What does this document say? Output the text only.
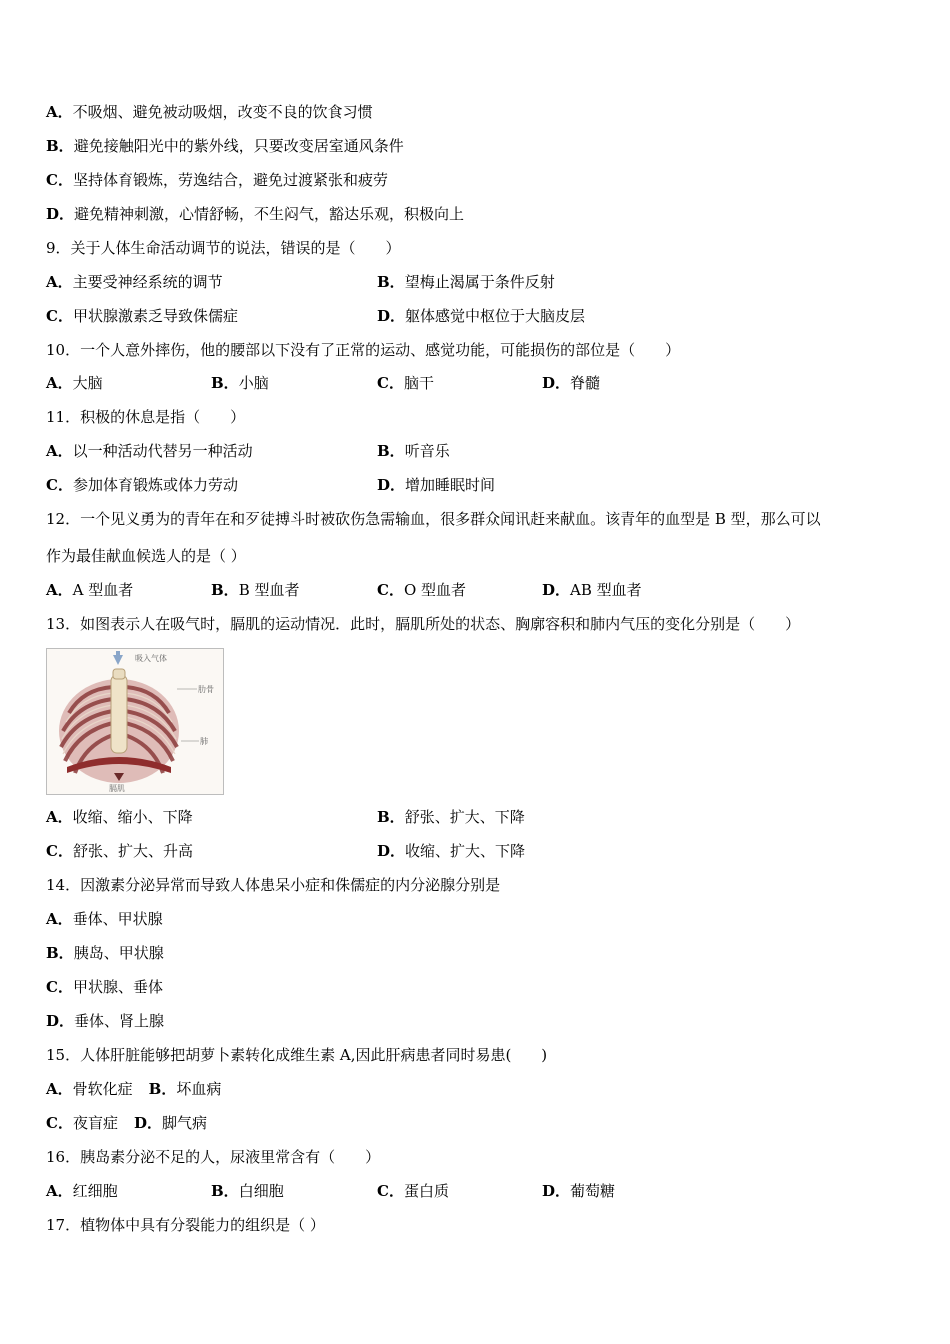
A．不吸烟、避免被动吸烟，改变不良的饮食习惯
B．避免接触阳光中的紫外线，只要改变居室通风条件
C．坚持体育锻炼，劳逸结合，避免过渡紧张和疲劳
D．避免精神刺激，心情舒畅，不生闷气，豁达乐观，积极向上
9．关于人体生命活动调节的说法，错误的是（　　）
A．主要受神经系统的调节	B．望梅止渴属于条件反射
C．甲状腺激素乏导致侏儒症	D．躯体感觉中枢位于大脑皮层
10．一个人意外摔伤，他的腰部以下没有了正常的运动、感觉功能，可能损伤的部位是（　　）
A．大脑	B．小脑	C．脑干	D．脊髓
11．积极的休息是指（　　）
A．以一种活动代替另一种活动	B．听音乐
C．参加体育锻炼或体力劳动	D．增加睡眠时间
12．一个见义勇为的青年在和歹徒搏斗时被砍伤急需输血，很多群众闻讯赶来献血。该青年的血型是 B 型，那么可以
作为最佳献血候选人的是（ ）
A．A 型血者	B．B 型血者	C．O 型血者	D．AB 型血者
13．如图表示人在吸气时，膈肌的运动情况．此时，膈肌所处的状态、胸廓容积和肺内气压的变化分别是（　　）
吸入气体
肋骨
肺
膈肌
A．收缩、缩小、下降	B．舒张、扩大、下降
C．舒张、扩大、升高	D．收缩、扩大、下降
14．因激素分泌异常而导致人体患呆小症和侏儒症的内分泌腺分别是
A．垂体、甲状腺
B．胰岛、甲状腺
C．甲状腺、垂体
D．垂体、肾上腺
15．人体肝脏能够把胡萝卜素转化成维生素 A,因此肝病患者同时易患(　　)
A．骨软化症 B．坏血病
C．夜盲症 D．脚气病
16．胰岛素分泌不足的人，尿液里常含有（　　）
A．红细胞	B．白细胞	C．蛋白质	D．葡萄糖
17．植物体中具有分裂能力的组织是（ ）
